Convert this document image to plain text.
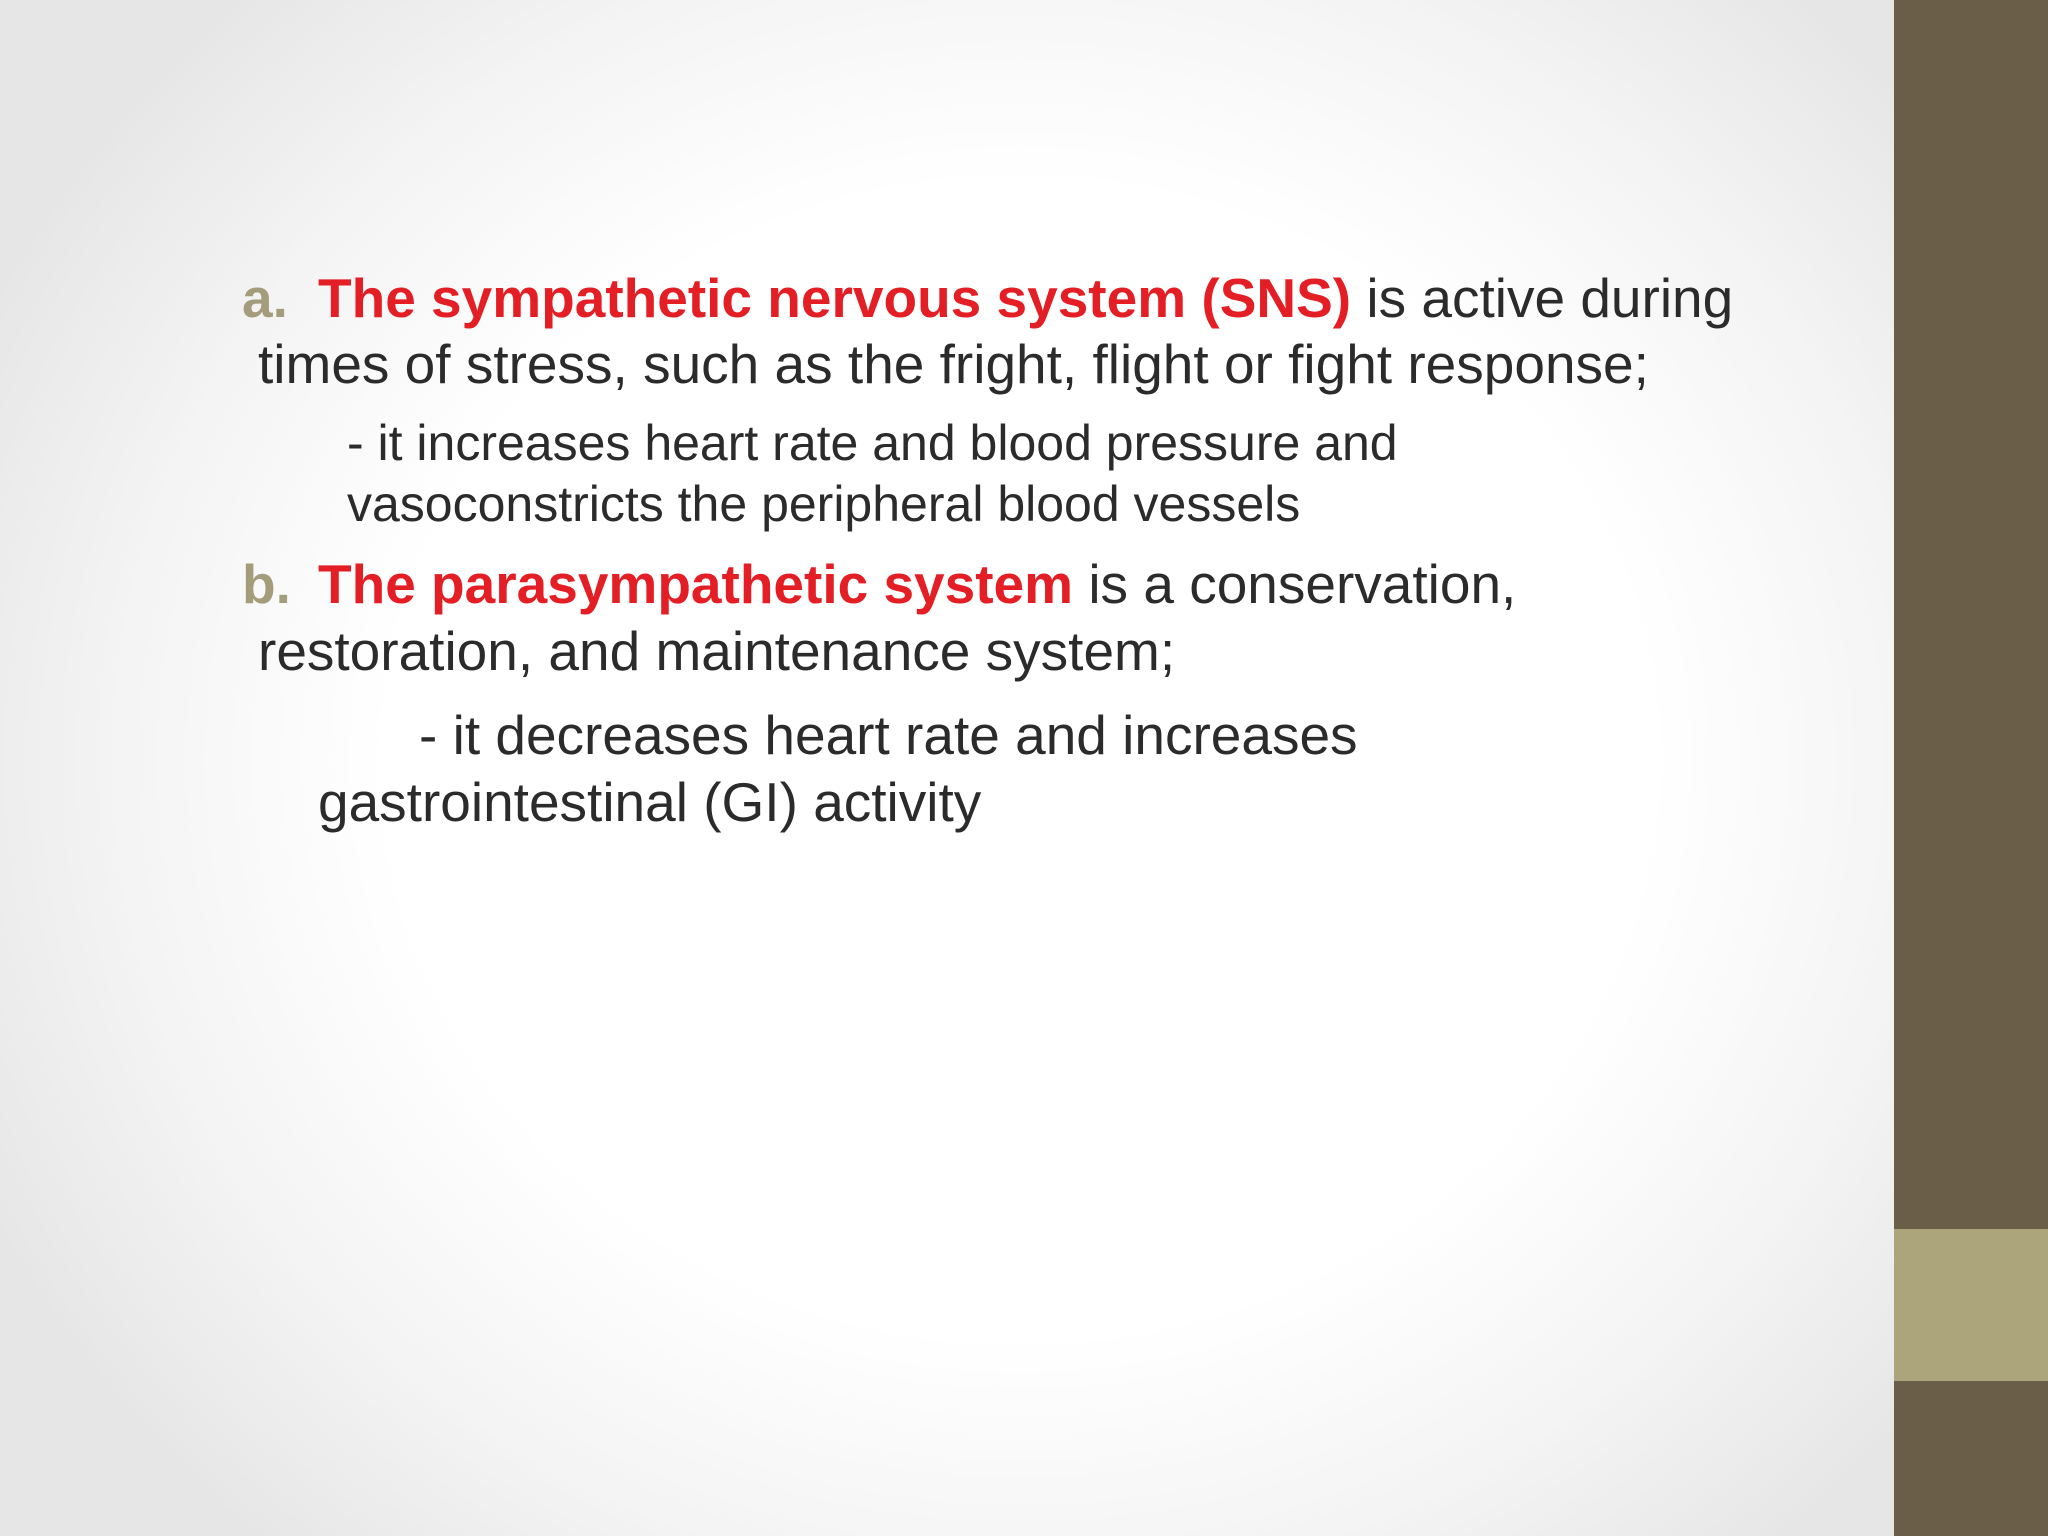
a. The sympathetic nervous system (SNS) is active during
times of stress, such as the fright, flight or fight response;
- it increases heart rate and blood pressure and
vasoconstricts the peripheral blood vessels
b. The parasympathetic system is a conservation,
restoration, and maintenance system;
- it decreases heart rate and increases
gastrointestinal (GI) activity
